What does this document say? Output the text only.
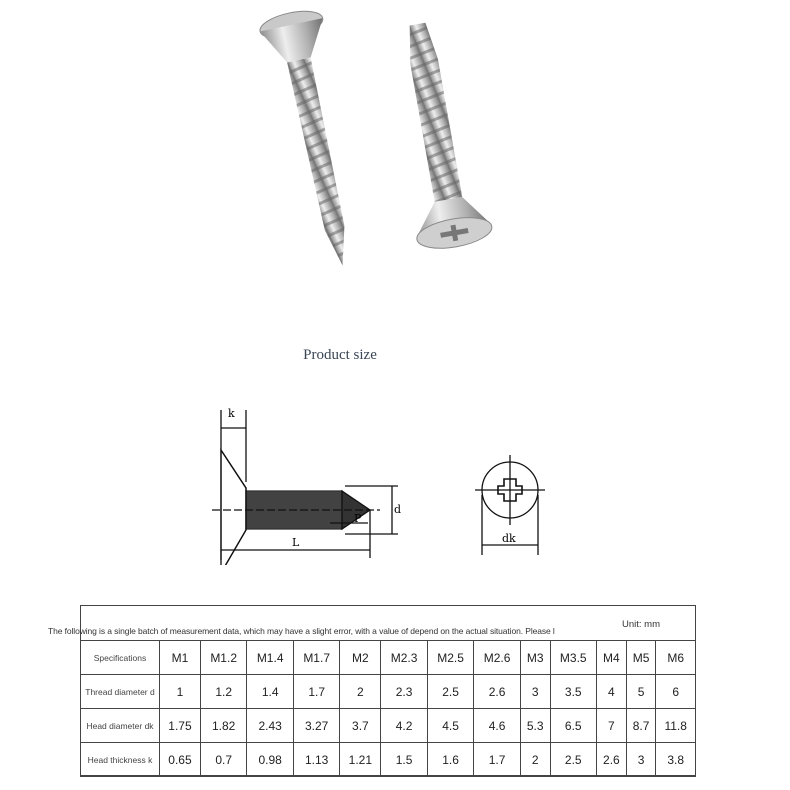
Product size
k
d
P
L	dk
The following is a single batch of measurement data, which may have a slight error, with a value of depend on the actual situation. Please l
Unit: mm
Specifications	M1	M1.2	M1.4	M1.7	M2	M2.3	M2.5	M2.6	M3	M3.5	M4	M5	M6
Thread diameter d	1	1.2	1.4	1.7	2	2.3	2.5	2.6	3	3.5	4	5	6
Head diameter dk	1.75	1.82	2.43	3.27	3.7	4.2	4.5	4.6	5.3	6.5	7	8.7	11.8
Head thickness k	0.65	0.7	0.98	1.13	1.21	1.5	1.6	1.7	2	2.5	2.6	3	3.8
